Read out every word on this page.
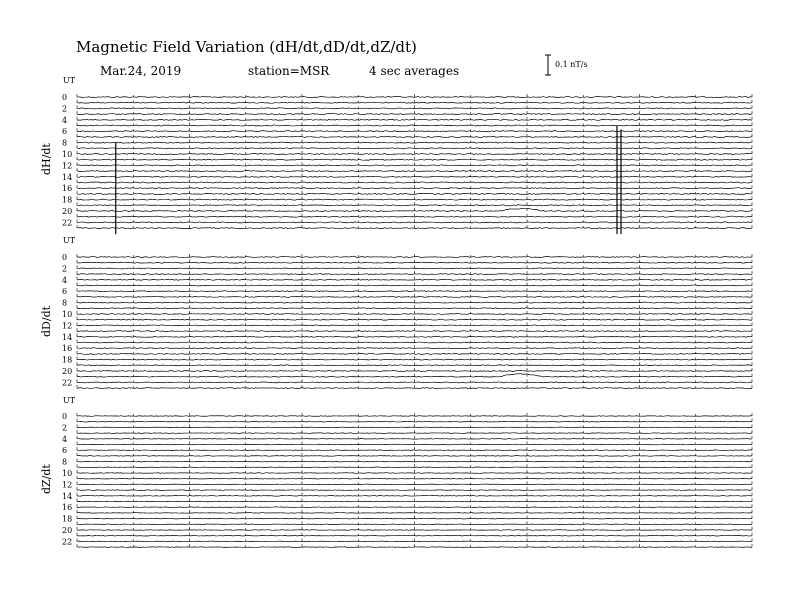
Magnetic Field Variation (dH/dt,dD/dt,dZ/dt)
Mar.24, 2019	station=MSR	4 sec averages	0.1 nT/s
UT
UT
UT
dH/dt
dD/dt
dZ/dt
0
2
4
6
8
10
12
14
16
18
20
22
0
2
4
6
8
10
12
14
16
18
20
22
0
2
4
6
8
10
12
14
16
18
20
22
